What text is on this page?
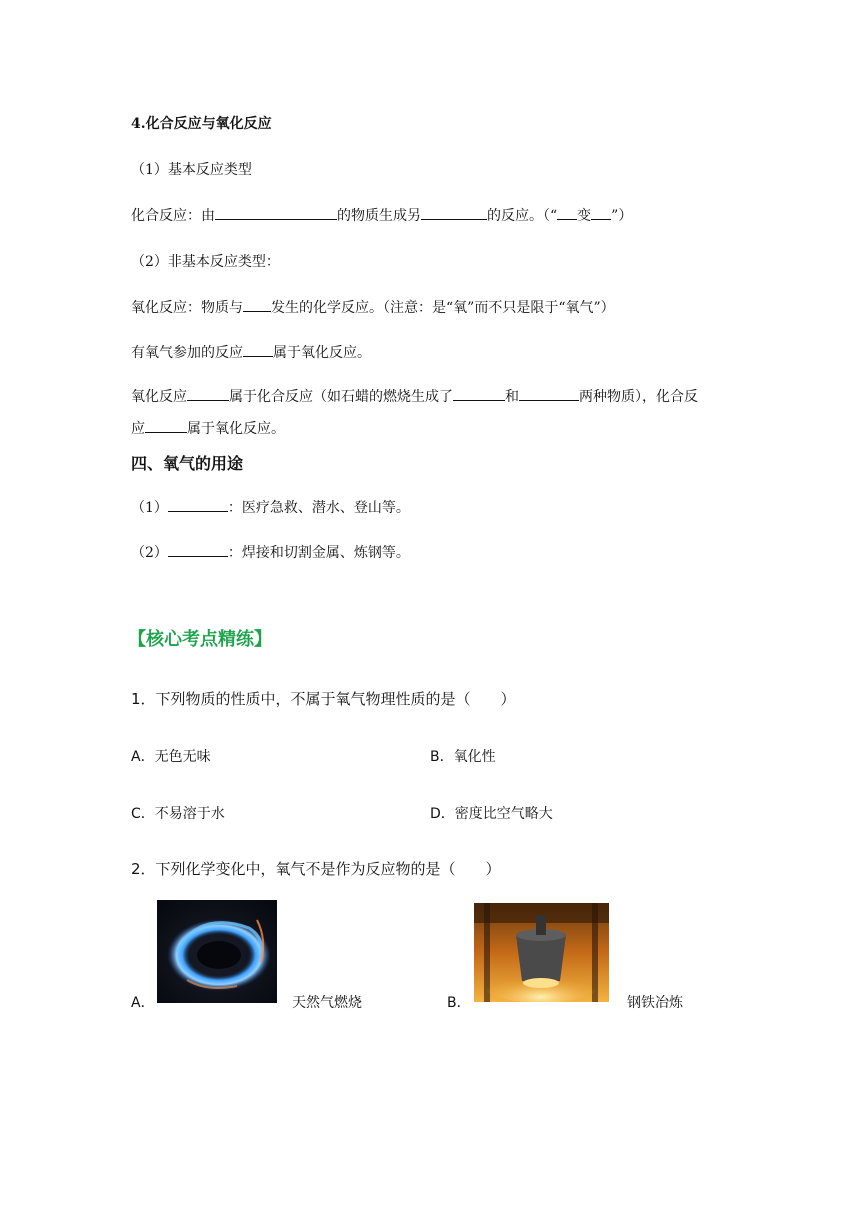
4.化合反应与氧化反应
（1）基本反应类型
化合反应：由	的物质生成另	的反应。（“ 变 ”）
（2）非基本反应类型：
氧化反应：物质与 发生的化学反应。（注意：是“氧”而不只是限于“氧气”）
有氧气参加的反应 属于氧化反应。
氧化反应	属于化合反应（如石蜡的燃烧生成了	和	两种物质），化合反
应	属于氧化反应。
四、氧气的用途
（1）	：医疗急救、潜水、登山等。
（2）	：焊接和切割金属、炼钢等。
【核心考点精练】
1．下列物质的性质中，不属于氧气物理性质的是（　　）
A．无色无味	B．氧化性
C．不易溶于水	D．密度比空气略大
2．下列化学变化中，氧气不是作为反应物的是（　　）
A．	天然气燃烧	B．	钢铁冶炼
